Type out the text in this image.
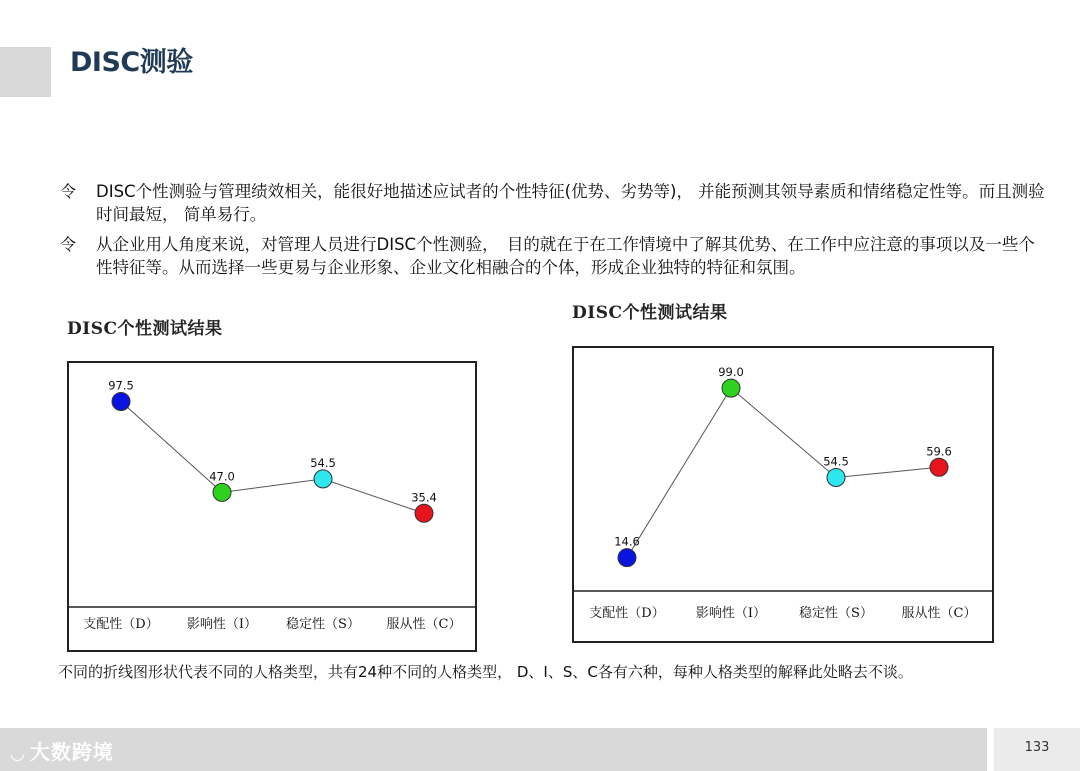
DISC测验
令 DISC个性测验与管理绩效相关，能很好地描述应试者的个性特征(优势、劣势等)， 并能预测其领导素质和情绪稳定性等。而且测验时间最短， 简单易行。
令 从企业用人角度来说，对管理人员进行DISC个性测验，　目的就在于在工作情境中了解其优势、在工作中应注意的事项以及一些个性特征等。从而选择一些更易与企业形象、企业文化相融合的个体，形成企业独特的特征和氛围。
DISC个性测试结果
97.5
47.0
54.5
35.4
支配性（D） 影响性（I） 稳定性（S） 服从性（C）
DISC个性测试结果
14.6
99.0
54.5
59.6
支配性（D） 影响性（I）	稳定性（S） 服从性（C）
不同的折线图形状代表不同的人格类型，共有24种不同的人格类型， D、I、S、C各有六种，每种人格类型的解释此处略去不谈。
◡ 大数跨境	133
